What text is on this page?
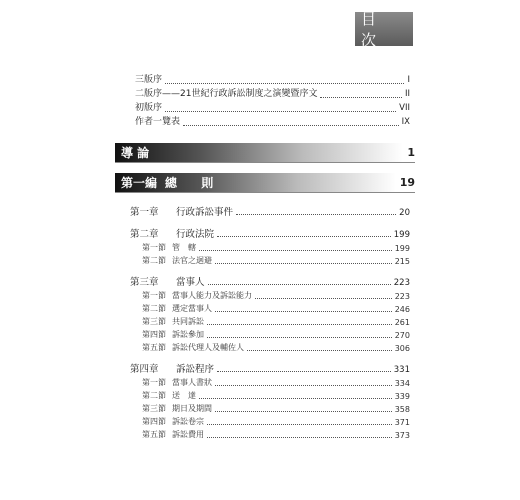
目 次
三版序	I
二版序——21世紀行政訴訟制度之演變暨序文	II
初版序	VII
作者一覽表	IX
導 論	1
第一編 總 則	19
第一章	行政訴訟事件	20
第二章	行政法院	199
第一節 管　轄	199
第二節 法官之迴避	215
第三章	當事人	223
第一節 當事人能力及訴訟能力	223
第二節 選定當事人	246
第三節 共同訴訟	261
第四節 訴訟參加	270
第五節 訴訟代理人及輔佐人	306
第四章	訴訟程序	331
第一節 當事人書狀	334
第二節 送　達	339
第三節 期日及期間	358
第四節 訴訟卷宗	371
第五節 訴訟費用	373
